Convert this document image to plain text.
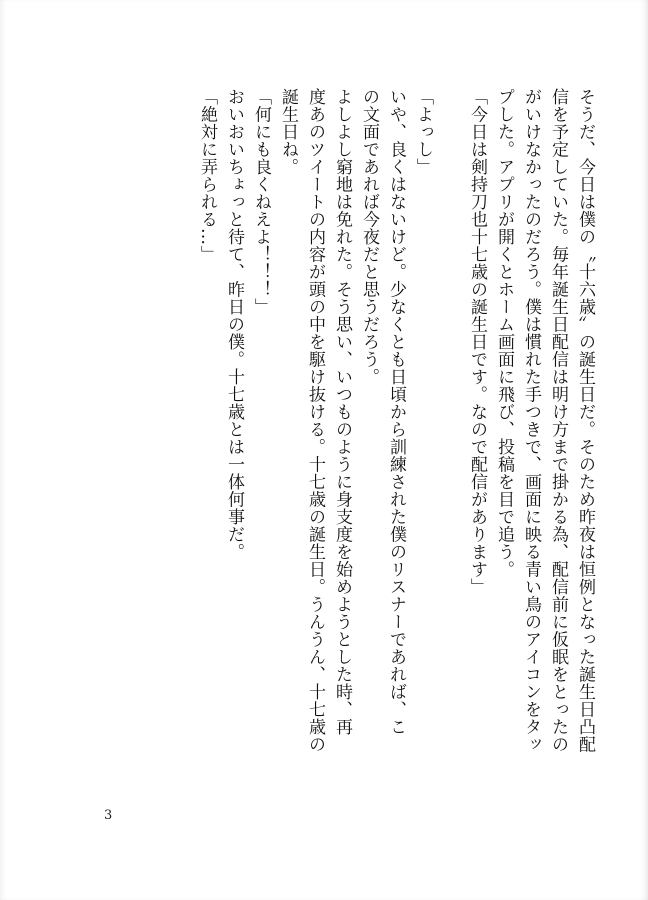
そうだ、今日は僕の〝十六歳〟の誕生日だ。そのため昨夜は恒例となった誕生日凸配

信を予定していた。毎年誕生日配信は明け方まで掛かる為、配信前に仮眠をとったの

がいけなかったのだろう。僕は慣れた手つきで、画面に映る青い鳥のアイコンをタッ

プした。アプリが開くとホーム画面に飛び、投稿を目で追う。

「今日は剣持刀也十七歳の誕生日です。なので配信があります」

「よっし」

いや、良くはないけど。少なくとも日頃から訓練された僕のリスナーであれば、こ

の文面であれば今夜だと思うだろう。

よしよし窮地は免れた。そう思い、いつものように身支度を始めようとした時、再

度あのツイートの内容が頭の中を駆け抜ける。十七歳の誕生日。うんうん、十七歳の

誕生日ね。

「何にも良くねえよ！！！」

おいおいちょっと待て、昨日の僕。十七歳とは一体何事だ。

「絶対に弄られる…」

3
